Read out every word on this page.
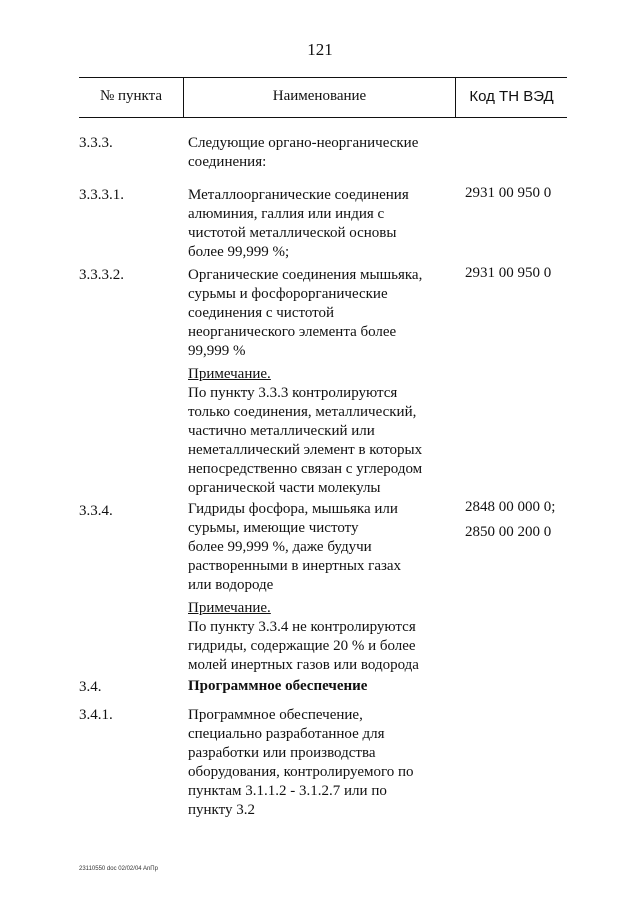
121
№ пункта	Наименование	Код ТН ВЭД
3.3.3.	Следующие органо-неорганические
соединения:
3.3.3.1.	Металлоорганические соединения
алюминия, галлия или индия с
чистотой металлической основы
более 99,999 %;
2931 00 950 0
3.3.3.2.	Органические соединения мышьяка,
сурьмы и фосфорорганические
соединения с чистотой
неорганического элемента более
99,999 %
2931 00 950 0
Примечание.
По пункту 3.3.3 контролируются
только соединения, металлический,
частично металлический или
неметаллический элемент в которых
непосредственно связан с углеродом
органической части молекулы
3.3.4.	Гидриды фосфора, мышьяка или
сурьмы, имеющие чистоту
более 99,999 %, даже будучи
растворенными в инертных газах
или водороде
2848 00 000 0;
2850 00 200 0
Примечание.
По пункту 3.3.4 не контролируются
гидриды, содержащие 20 % и более
молей инертных газов или водорода
3.4.	Программное обеспечение
3.4.1.	Программное обеспечение,
специально разработанное для
разработки или производства
оборудования, контролируемого по
пунктам 3.1.1.2 - 3.1.2.7 или по
пункту 3.2
23110550 doc 02/02/04 AnПр
